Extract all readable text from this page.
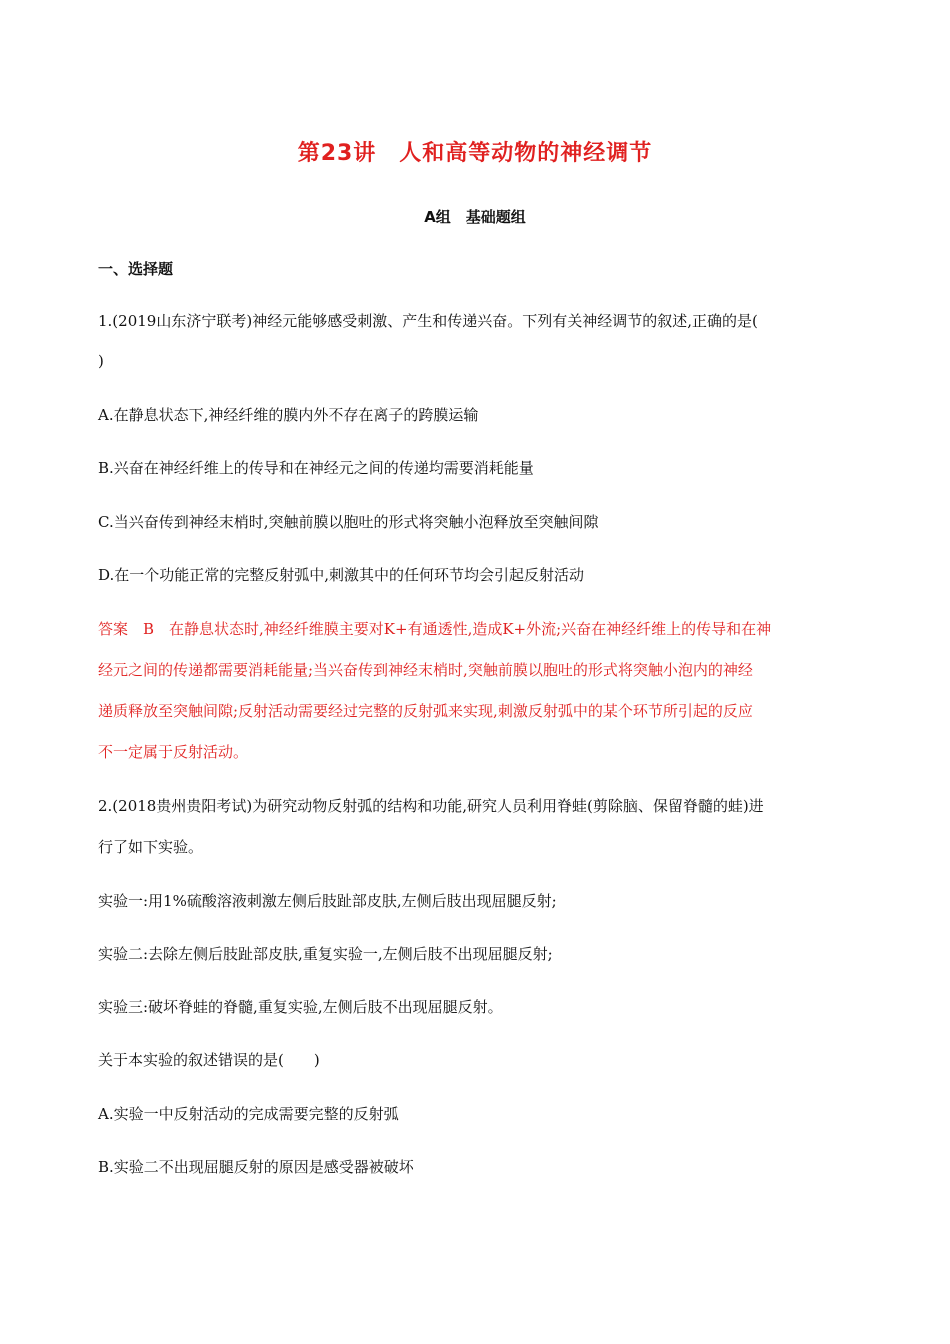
第23讲　人和高等动物的神经调节
A组　基础题组
一、选择题
1.(2019山东济宁联考)神经元能够感受刺激、产生和传递兴奋。下列有关神经调节的叙述,正确的是(
)
A.在静息状态下,神经纤维的膜内外不存在离子的跨膜运输
B.兴奋在神经纤维上的传导和在神经元之间的传递均需要消耗能量
C.当兴奋传到神经末梢时,突触前膜以胞吐的形式将突触小泡释放至突触间隙
D.在一个功能正常的完整反射弧中,刺激其中的任何环节均会引起反射活动
答案　B　在静息状态时,神经纤维膜主要对K+有通透性,造成K+外流;兴奋在神经纤维上的传导和在神
经元之间的传递都需要消耗能量;当兴奋传到神经末梢时,突触前膜以胞吐的形式将突触小泡内的神经
递质释放至突触间隙;反射活动需要经过完整的反射弧来实现,刺激反射弧中的某个环节所引起的反应
不一定属于反射活动。
2.(2018贵州贵阳考试)为研究动物反射弧的结构和功能,研究人员利用脊蛙(剪除脑、保留脊髓的蛙)进
行了如下实验。
实验一:用1%硫酸溶液刺激左侧后肢趾部皮肤,左侧后肢出现屈腿反射;
实验二:去除左侧后肢趾部皮肤,重复实验一,左侧后肢不出现屈腿反射;
实验三:破坏脊蛙的脊髓,重复实验,左侧后肢不出现屈腿反射。
关于本实验的叙述错误的是(　　)
A.实验一中反射活动的完成需要完整的反射弧
B.实验二不出现屈腿反射的原因是感受器被破坏
